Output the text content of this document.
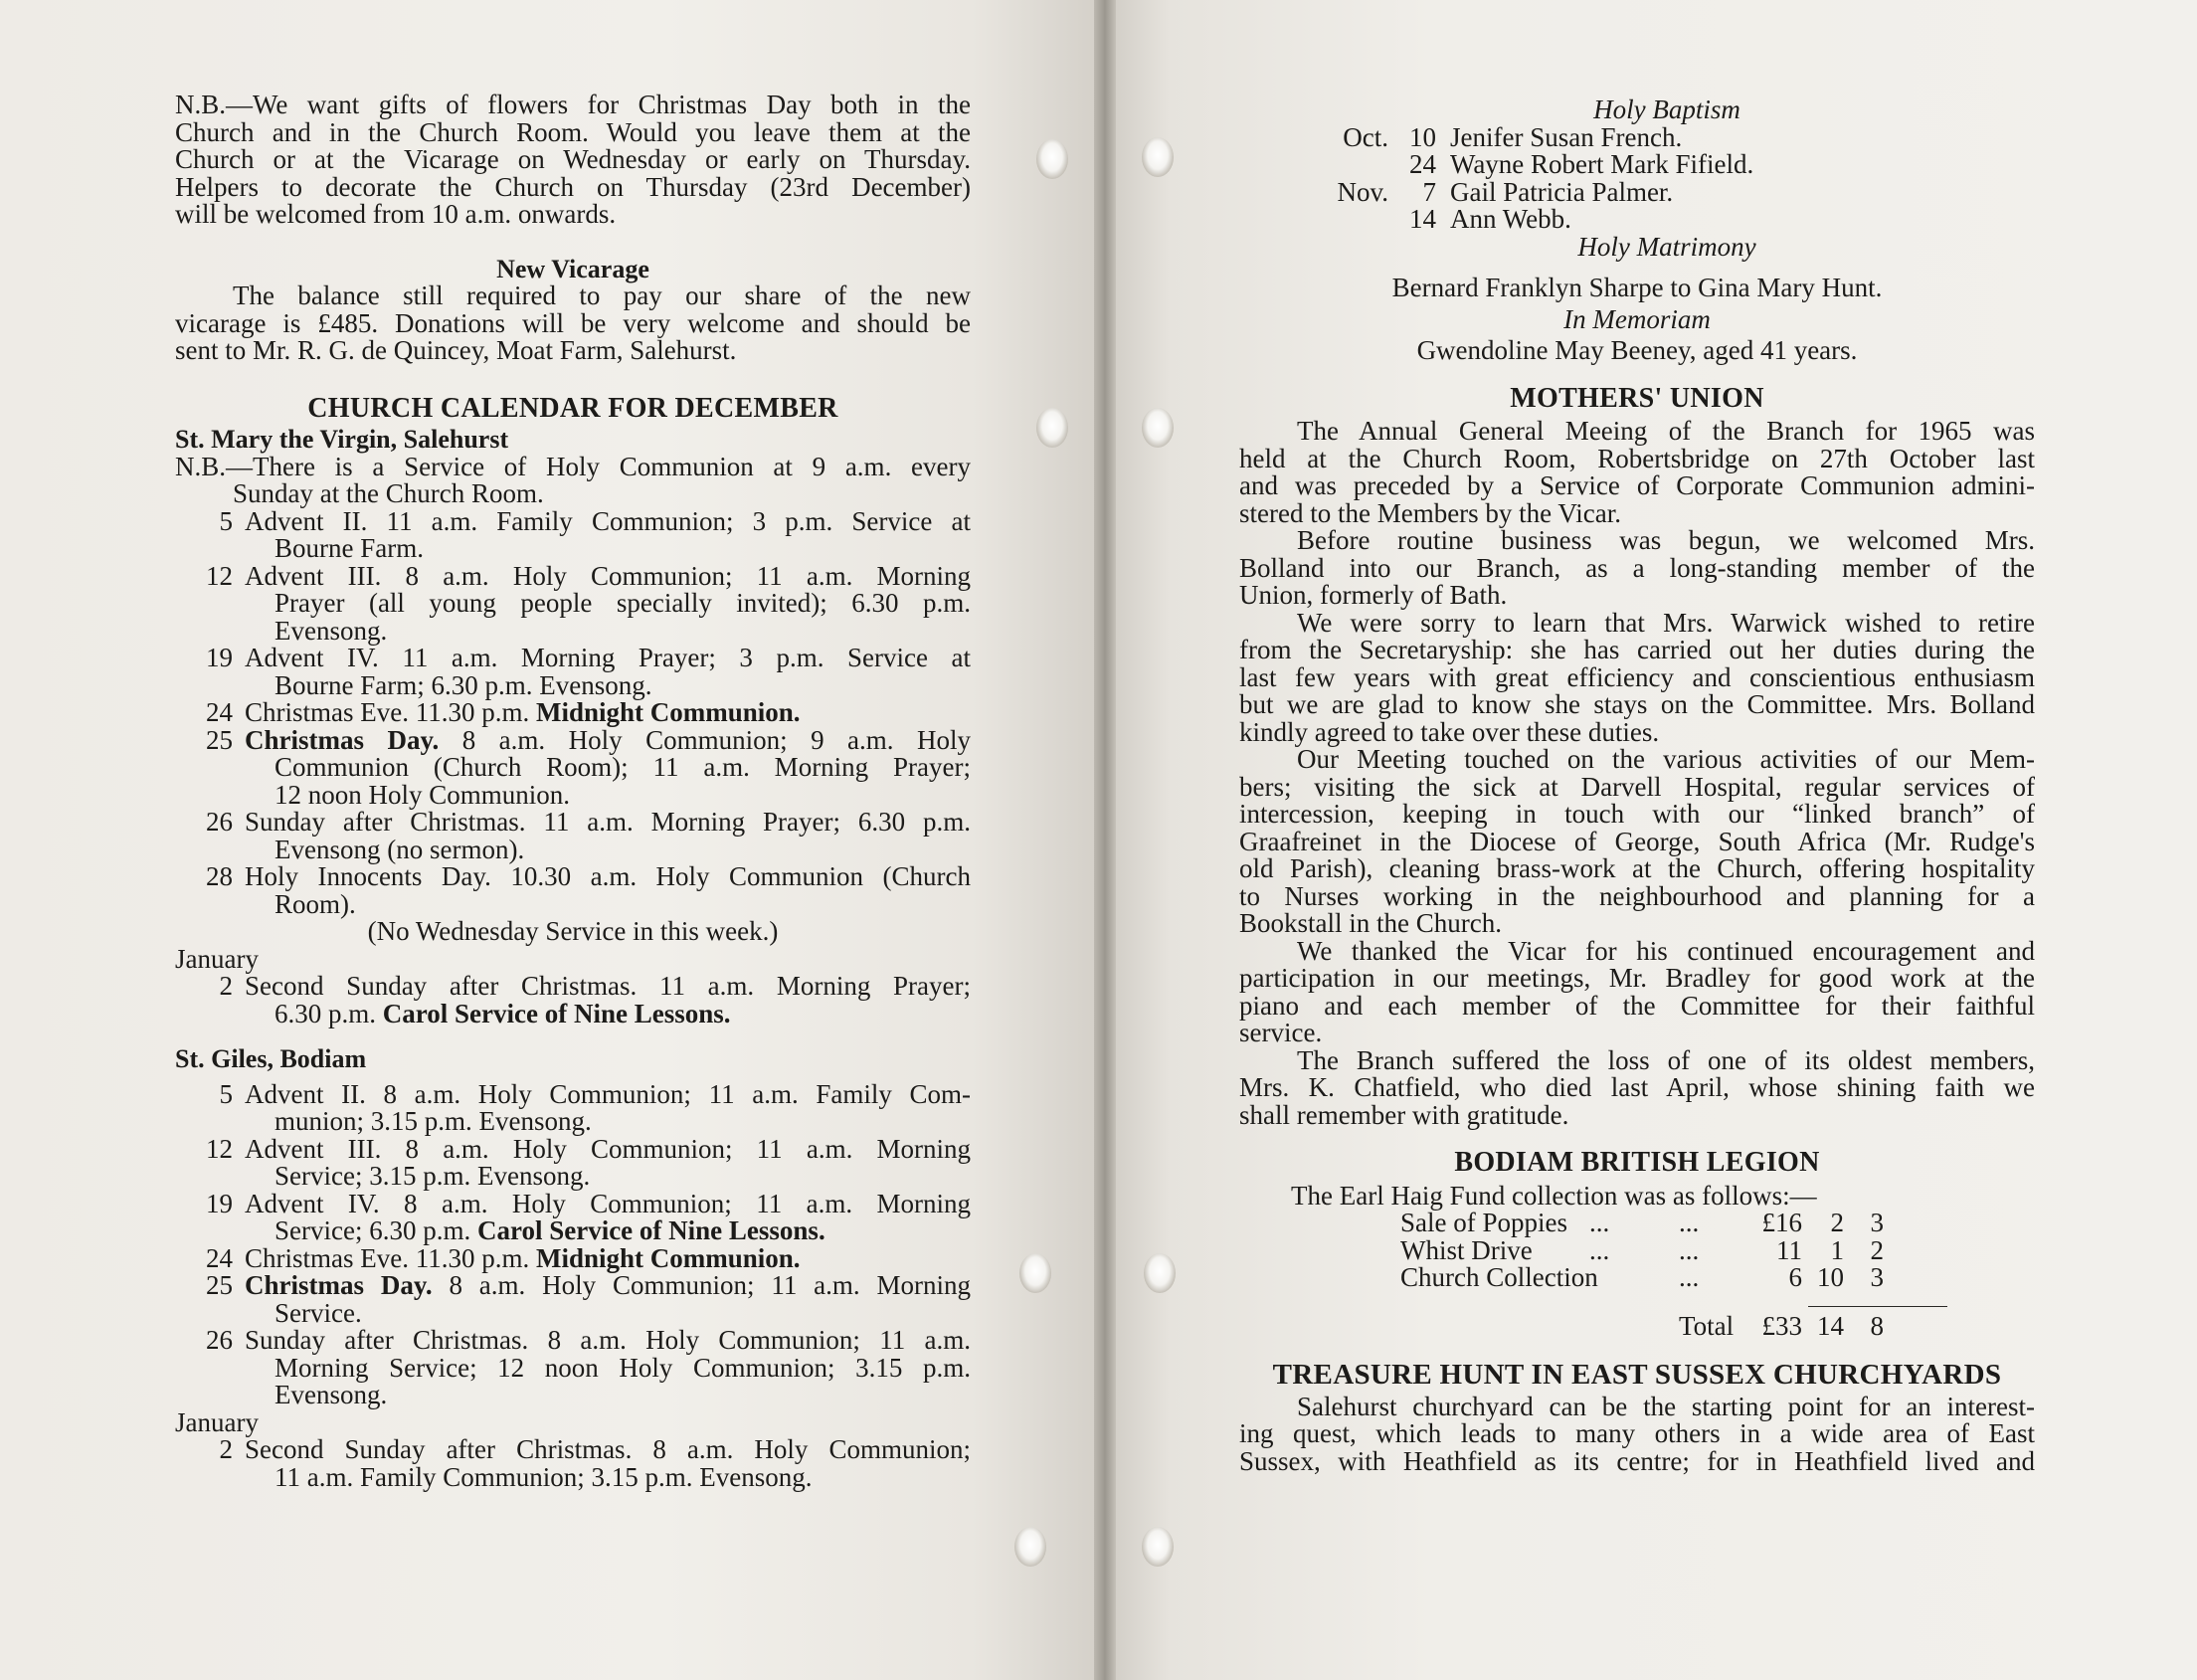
N.B.—We want gifts of flowers for Christmas Day both in the

Church and in the Church Room. Would you leave them at the

Church or at the Vicarage on Wednesday or early on Thursday.

Helpers to decorate the Church on Thursday (23rd December)

will be welcomed from 10 a.m. onwards.

New Vicarage

The balance still required to pay our share of the new

vicarage is £485. Donations will be very welcome and should be

sent to Mr. R. G. de Quincey, Moat Farm, Salehurst.

CHURCH CALENDAR FOR DECEMBER
St. Mary the Virgin, Salehurst

N.B.—There is a Service of Holy Communion at 9 a.m. every

Sunday at the Church Room.

5 Advent II. 11 a.m. Family Communion; 3 p.m. Service at
Bourne Farm.
12 Advent III. 8 a.m. Holy Communion; 11 a.m. Morning
Prayer (all young people specially invited); 6.30 p.m.
Evensong.
19 Advent IV. 11 a.m. Morning Prayer; 3 p.m. Service at
Bourne Farm; 6.30 p.m. Evensong.
24 Christmas Eve. 11.30 p.m. Midnight Communion.
25 Christmas Day. 8 a.m. Holy Communion; 9 a.m. Holy
Communion (Church Room); 11 a.m. Morning Prayer;
12 noon Holy Communion.
26 Sunday after Christmas. 11 a.m. Morning Prayer; 6.30 p.m.
Evensong (no sermon).
28 Holy Innocents Day. 10.30 a.m. Holy Communion (Church
Room).

(No Wednesday Service in this week.)

January

2 Second Sunday after Christmas. 11 a.m. Morning Prayer;
6.30 p.m. Carol Service of Nine Lessons.
St. Giles, Bodiam
5 Advent II. 8 a.m. Holy Communion; 11 a.m. Family Com-
munion; 3.15 p.m. Evensong.
12 Advent III. 8 a.m. Holy Communion; 11 a.m. Morning
Service; 3.15 p.m. Evensong.
19 Advent IV. 8 a.m. Holy Communion; 11 a.m. Morning
Service; 6.30 p.m. Carol Service of Nine Lessons.
24 Christmas Eve. 11.30 p.m. Midnight Communion.
25 Christmas Day. 8 a.m. Holy Communion; 11 a.m. Morning
Service.
26 Sunday after Christmas. 8 a.m. Holy Communion; 11 a.m.
Morning Service; 12 noon Holy Communion; 3.15 p.m.
Evensong.

January

2 Second Sunday after Christmas. 8 a.m. Holy Communion;
11 a.m. Family Communion; 3.15 p.m. Evensong.

Holy Baptism

Oct. 10 Jenifer Susan French.
24 Wayne Robert Mark Fifield.
Nov.	7 Gail Patricia Palmer.
14 Ann Webb.

Holy Matrimony

Bernard Franklyn Sharpe to Gina Mary Hunt.

In Memoriam

Gwendoline May Beeney, aged 41 years.

MOTHERS' UNION

The Annual General Meeing of the Branch for 1965 was

held at the Church Room, Robertsbridge on 27th October last

and was preceded by a Service of Corporate Communion admini-

stered to the Members by the Vicar.

Before routine business was begun, we welcomed Mrs.

Bolland into our Branch, as a long-standing member of the

Union, formerly of Bath.

We were sorry to learn that Mrs. Warwick wished to retire

from the Secretaryship: she has carried out her duties during the

last few years with great efficiency and conscientious enthusiasm

but we are glad to know she stays on the Committee. Mrs. Bolland

kindly agreed to take over these duties.

Our Meeting touched on the various activities of our Mem-

bers; visiting the sick at Darvell Hospital, regular services of

intercession, keeping in touch with our “linked branch” of

Graafreinet in the Diocese of George, South Africa (Mr. Rudge's

old Parish), cleaning brass-work at the Church, offering hospitality

to Nurses working in the neighbourhood and planning for a

Bookstall in the Church.

We thanked the Vicar for his continued encouragement and

participation in our meetings, Mr. Bradley for good work at the

piano and each member of the Committee for their faithful

service.

The Branch suffered the loss of one of its oldest members,

Mrs. K. Chatfield, who died last April, whose shining faith we

shall remember with gratitude.

BODIAM BRITISH LEGION

The Earl Haig Fund collection was as follows:—

Sale of Poppies ...	...	£16	2 3
Whist Drive	...	...	11	1 2
Church Collection	...	6 10 3
Total	£33 14 8
TREASURE HUNT IN EAST SUSSEX CHURCHYARDS

Salehurst churchyard can be the starting point for an interest-

ing quest, which leads to many others in a wide area of East

Sussex, with Heathfield as its centre; for in Heathfield lived and
